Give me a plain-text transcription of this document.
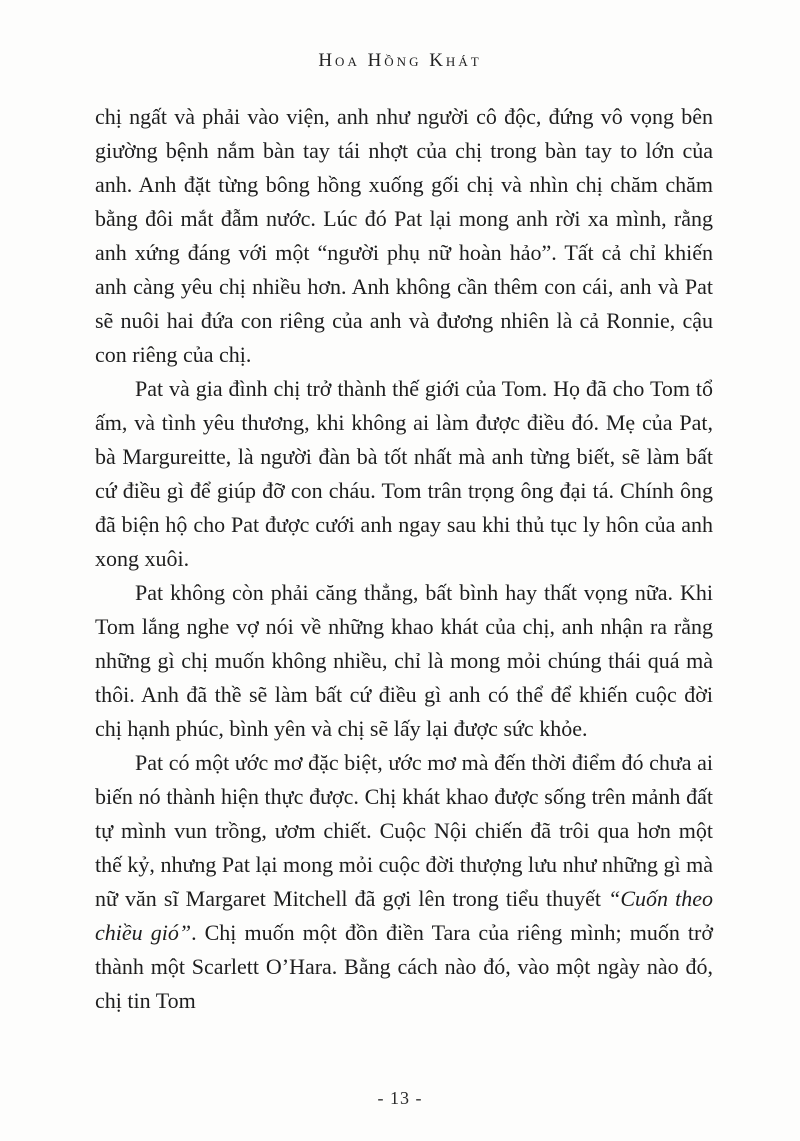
Hoa Hồng Khát

chị ngất và phải vào viện, anh như người cô độc, đứng vô vọng bên giường bệnh nắm bàn tay tái nhợt của chị trong bàn tay to lớn của anh. Anh đặt từng bông hồng xuống gối chị và nhìn chị chăm chăm bằng đôi mắt đẫm nước. Lúc đó Pat lại mong anh rời xa mình, rằng anh xứng đáng với một “người phụ nữ hoàn hảo”. Tất cả chỉ khiến anh càng yêu chị nhiều hơn. Anh không cần thêm con cái, anh và Pat sẽ nuôi hai đứa con riêng của anh và đương nhiên là cả Ronnie, cậu con riêng của chị.

Pat và gia đình chị trở thành thế giới của Tom. Họ đã cho Tom tổ ấm, và tình yêu thương, khi không ai làm được điều đó. Mẹ của Pat, bà Margureitte, là người đàn bà tốt nhất mà anh từng biết, sẽ làm bất cứ điều gì để giúp đỡ con cháu. Tom trân trọng ông đại tá. Chính ông đã biện hộ cho Pat được cưới anh ngay sau khi thủ tục ly hôn của anh xong xuôi.

Pat không còn phải căng thẳng, bất bình hay thất vọng nữa. Khi Tom lắng nghe vợ nói về những khao khát của chị, anh nhận ra rằng những gì chị muốn không nhiều, chỉ là mong mỏi chúng thái quá mà thôi. Anh đã thề sẽ làm bất cứ điều gì anh có thể để khiến cuộc đời chị hạnh phúc, bình yên và chị sẽ lấy lại được sức khỏe.

Pat có một ước mơ đặc biệt, ước mơ mà đến thời điểm đó chưa ai biến nó thành hiện thực được. Chị khát khao được sống trên mảnh đất tự mình vun trồng, ươm chiết. Cuộc Nội chiến đã trôi qua hơn một thế kỷ, nhưng Pat lại mong mỏi cuộc đời thượng lưu như những gì mà nữ văn sĩ Margaret Mitchell đã gợi lên trong tiểu thuyết “Cuốn theo chiều gió”. Chị muốn một đồn điền Tara của riêng mình; muốn trở thành một Scarlett O’Hara. Bằng cách nào đó, vào một ngày nào đó, chị tin Tom

- 13 -
